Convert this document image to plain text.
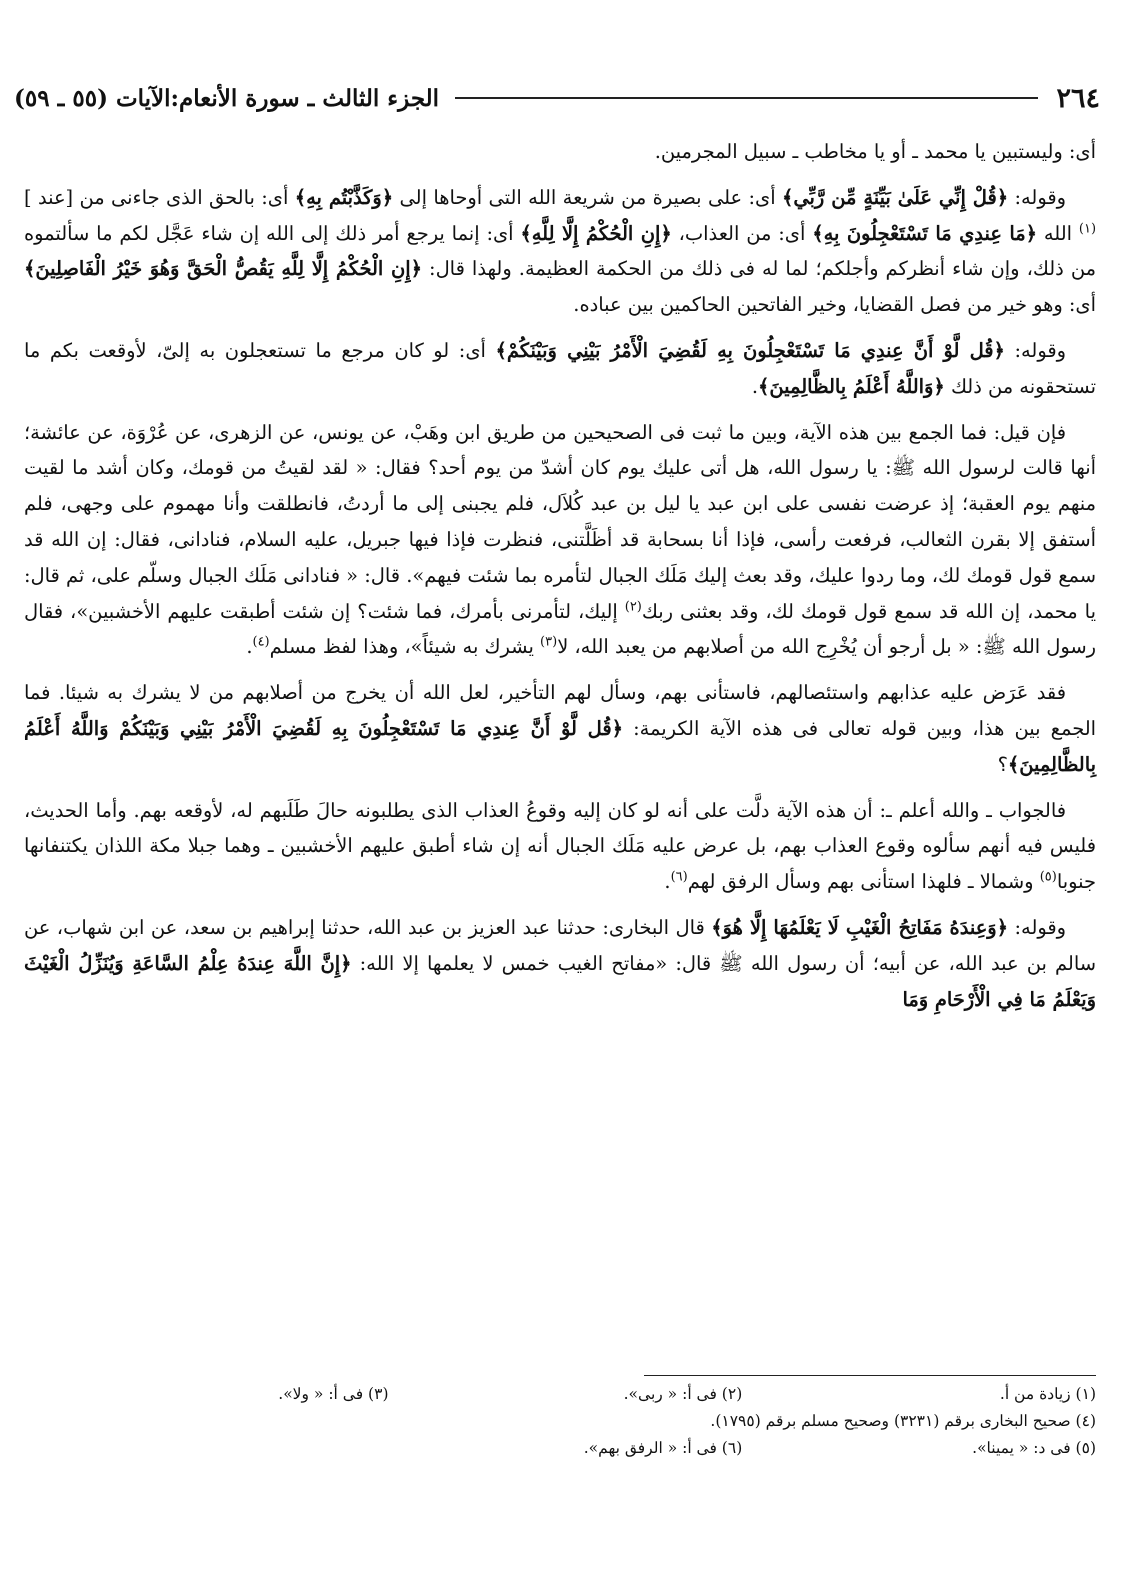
٢٦٤
الجزء الثالث ـ سورة الأنعام:الآيات (٥٥ ـ ٥٩)

أى: وليستبين يا محمد ـ أو يا مخاطب ـ سبيل المجرمين.

وقوله: ﴿قُلْ إِنِّي عَلَىٰ بَيِّنَةٍ مِّن رَّبِّي﴾ أى: على بصيرة من شريعة الله التى أوحاها إلى ﴿وَكَذَّبْتُم بِهِ﴾ أى: بالحق الذى جاءنى من [عند ]$^{(١)}$ الله ﴿مَا عِندِي مَا تَسْتَعْجِلُونَ بِهِ﴾ أى: من العذاب، ﴿إِنِ الْحُكْمُ إِلَّا لِلَّهِ﴾ أى: إنما يرجع أمر ذلك إلى الله إن شاء عَجَّل لكم ما سألتموه من ذلك، وإن شاء أنظركم وأجلكم؛ لما له فى ذلك من الحكمة العظيمة. ولهذا قال: ﴿إِنِ الْحُكْمُ إِلَّا لِلَّهِ يَقُصُّ الْحَقَّ وَهُوَ خَيْرُ الْفَاصِلِينَ﴾ أى: وهو خير من فصل القضايا، وخير الفاتحين الحاكمين بين عباده.

وقوله: ﴿قُل لَّوْ أَنَّ عِندِي مَا تَسْتَعْجِلُونَ بِهِ لَقُضِيَ الْأَمْرُ بَيْنِي وَبَيْنَكُمْ﴾ أى: لو كان مرجع ما تستعجلون به إلىّ، لأوقعت بكم ما تستحقونه من ذلك ﴿وَاللَّهُ أَعْلَمُ بِالظَّالِمِينَ﴾.

فإن قيل: فما الجمع بين هذه الآية، وبين ما ثبت فى الصحيحين من طريق ابن وهَبْ، عن يونس، عن الزهرى، عن عُرْوَة، عن عائشة؛ أنها قالت لرسول الله ﷺ: يا رسول الله، هل أتى عليك يوم كان أشدّ من يوم أحد؟ فقال: « لقد لقيتُ من قومك، وكان أشد ما لقيت منهم يوم العقبة؛ إذ عرضت نفسى على ابن عبد يا ليل بن عبد كُلاَل، فلم يجبنى إلى ما أردتُ، فانطلقت وأنا مهموم على وجهى، فلم أستفق إلا بقرن الثعالب، فرفعت رأسى، فإذا أنا بسحابة قد أظَلَّتنى، فنظرت فإذا فيها جبريل، عليه السلام، فنادانى، فقال: إن الله قد سمع قول قومك لك، وما ردوا عليك، وقد بعث إليك مَلَك الجبال لتأمره بما شئت فيهم». قال: « فنادانى مَلَك الجبال وسلّم على، ثم قال: يا محمد، إن الله قد سمع قول قومك لك، وقد بعثنى ربك$^{(٢)}$ إليك، لتأمرنى بأمرك، فما شئت؟ إن شئت أطبقت عليهم الأخشبين»، فقال رسول الله ﷺ: « بل أرجو أن يُخْرِج الله من أصلابهم من يعبد الله، لا$^{(٣)}$ يشرك به شيئاً»، وهذا لفظ مسلم$^{(٤)}$.

فقد عَرَض عليه عذابهم واستئصالهم، فاستأنى بهم، وسأل لهم التأخير، لعل الله أن يخرج من أصلابهم من لا يشرك به شيئا. فما الجمع بين هذا، وبين قوله تعالى فى هذه الآية الكريمة: ﴿قُل لَّوْ أَنَّ عِندِي مَا تَسْتَعْجِلُونَ بِهِ لَقُضِيَ الْأَمْرُ بَيْنِي وَبَيْنَكُمْ وَاللَّهُ أَعْلَمُ بِالظَّالِمِينَ﴾؟

فالجواب ـ والله أعلم ـ: أن هذه الآية دلَّت على أنه لو كان إليه وقوعُ العذاب الذى يطلبونه حالَ طَلَبهم له، لأوقعه بهم. وأما الحديث، فليس فيه أنهم سألوه وقوع العذاب بهم، بل عرض عليه مَلَك الجبال أنه إن شاء أطبق عليهم الأخشبين ـ وهما جبلا مكة اللذان يكتنفانها جنوبا$^{(٥)}$ وشمالا ـ فلهذا استأنى بهم وسأل الرفق لهم$^{(٦)}$.

وقوله: ﴿وَعِندَهُ مَفَاتِحُ الْغَيْبِ لَا يَعْلَمُهَا إِلَّا هُوَ﴾ قال البخارى: حدثنا عبد العزيز بن عبد الله، حدثنا إبراهيم بن سعد، عن ابن شهاب، عن سالم بن عبد الله، عن أبيه؛ أن رسول الله ﷺ قال: «مفاتح الغيب خمس لا يعلمها إلا الله: ﴿إِنَّ اللَّهَ عِندَهُ عِلْمُ السَّاعَةِ وَيُنَزِّلُ الْغَيْثَ وَيَعْلَمُ مَا فِي الْأَرْحَامِ وَمَا

(١) زيادة من أ.
(٢) فى أ: « ربى».
(٣) فى أ: « ولا».
(٤) صحيح البخارى برقم (٣٢٣١) وصحيح مسلم برقم (١٧٩٥).
(٥) فى د: « يمينا».
(٦) فى أ: « الرفق بهم».
